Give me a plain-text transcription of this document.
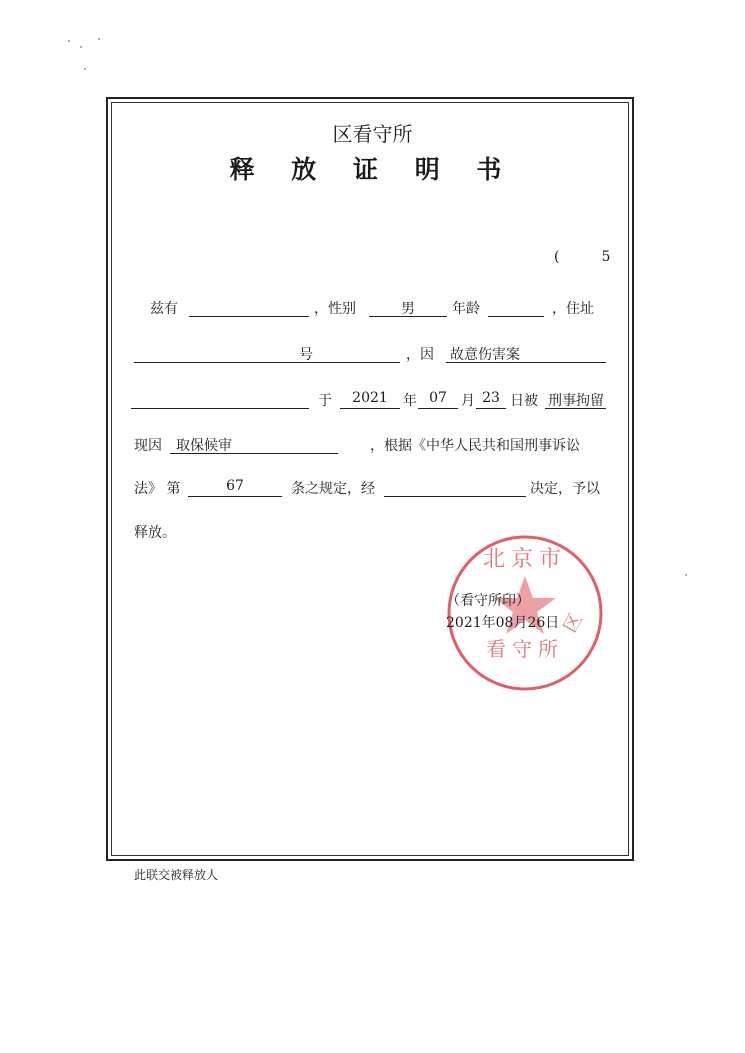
区看守所
释 放 证 明 书
(　　　5
兹有	，性别	男	年龄	，住址
号	，因 故意伤害案
于	2021	年 07	月 23 日被 刑事拘留
现因 取保候审	，根据《中华人民共和国刑事诉讼
法》 第	67	条之规定，经	决定，予以
释放。
北京市
看守所
区
（看守所印）
2021年08月26日
此联交被释放人
